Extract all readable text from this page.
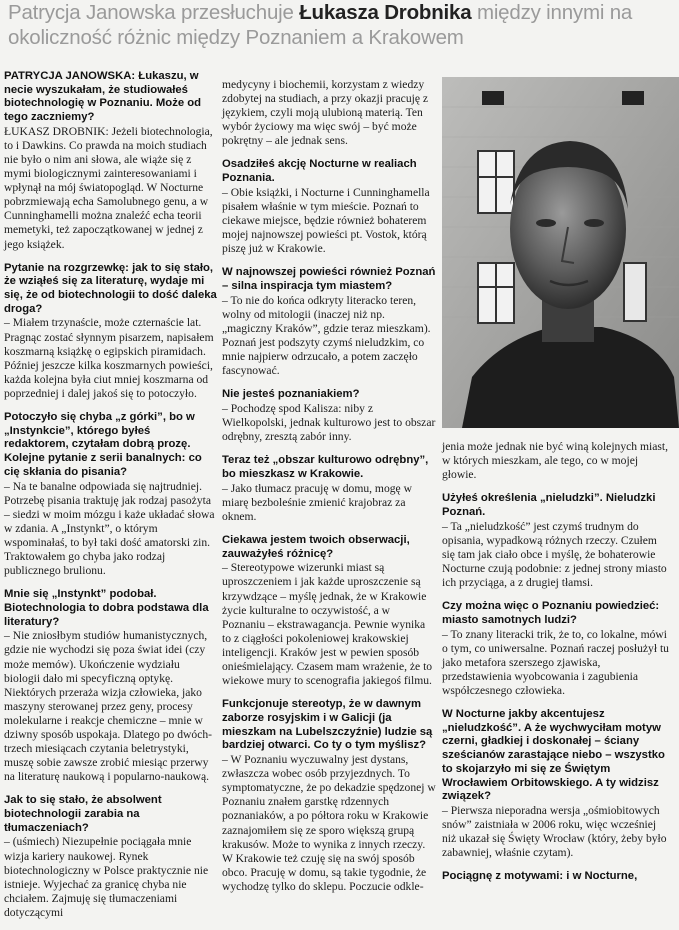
Patrycja Janowska przesłuchuje Łukasza Drobnika między innymi na okoliczność różnic między Poznaniem a Krakowem

PATRYCJA JANOWSKA: Łukaszu, w necie wyszukałam, że studiowałeś biotechnologię w Poznaniu. Może od tego zaczniemy?

ŁUKASZ DROBNIK: Jeżeli biotechnologia, to i Dawkins. Co prawda na moich studiach nie było o nim ani słowa, ale wiąże się z mymi biologicznymi zainteresowaniami i wpłynął na mój światopogląd. W Nocturne pobrzmiewają echa Samolubnego genu, a w Cunninghamelli można znaleźć echa teorii memetyki, też zapoczątkowanej w jednej z jego książek.

Pytanie na rozgrzewkę: jak to się stało, że wziąłeś się za literaturę, wydaje mi się, że od biotechnologii to dość daleka droga?

– Miałem trzynaście, może czternaście lat. Pragnąc zostać słynnym pisarzem, napisałem koszmarną książkę o egipskich piramidach. Później jeszcze kilka koszmarnych powieści, każda kolejna była ciut mniej koszmarna od poprzedniej i dalej jakoś się to potoczyło.

Potoczyło się chyba „z górki”, bo w „Instynkcie”, którego byłeś redaktorem, czytałam dobrą prozę. Kolejne pytanie z serii banalnych: co cię skłania do pisania?

– Na te banalne odpowiada się najtrudniej. Potrzebę pisania traktuję jak rodzaj pasożyta – siedzi w moim mózgu i każe układać słowa w zdania. A „Instynkt”, o którym wspominałaś, to był taki dość amatorski zin. Traktowałem go chyba jako rodzaj publicznego brulionu.

Mnie się „Instynkt” podobał. Biotechnologia to dobra podstawa dla literatury?

– Nie zniosłbym studiów humanistycznych, gdzie nie wychodzi się poza świat idei (czy może memów). Ukończenie wydziału biologii dało mi specyficzną optykę. Niektórych przeraża wizja człowieka, jako maszyny sterowanej przez geny, procesy molekularne i reakcje chemiczne – mnie w dziwny sposób uspokaja. Dlatego po dwóch-trzech miesiącach czytania beletrystyki, muszę sobie zawsze zrobić miesiąc przerwy na literaturę naukową i popularno-naukową.

Jak to się stało, że absolwent biotechnologii zarabia na tłumaczeniach?

– (uśmiech) Niezupełnie pociągała mnie wizja kariery naukowej. Rynek biotechnologiczny w Polsce praktycznie nie istnieje. Wyjechać za granicę chyba nie chciałem. Zajmuję się tłumaczeniami dotyczącymi

medycyny i biochemii, korzystam z wiedzy zdobytej na studiach, a przy okazji pracuję z językiem, czyli moją ulubioną materią. Ten wybór życiowy ma więc swój – być może pokrętny – ale jednak sens.

Osadziłeś akcję Nocturne w realiach Poznania.

– Obie książki, i Nocturne i Cunninghamella pisałem właśnie w tym mieście. Poznań to ciekawe miejsce, będzie również bohaterem mojej najnowszej powieści pt. Vostok, którą piszę już w Krakowie.

W najnowszej powieści również Poznań – silna inspiracja tym miastem?

– To nie do końca odkryty literacko teren, wolny od mitologii (inaczej niż np. „magiczny Kraków”, gdzie teraz mieszkam). Poznań jest podszyty czymś nieludzkim, co mnie najpierw odrzucało, a potem zaczęło fascynować.

Nie jesteś poznaniakiem?

– Pochodzę spod Kalisza: niby z Wielkopolski, jednak kulturowo jest to obszar odrębny, zresztą zabór inny.

Teraz też „obszar kulturowo odrębny”, bo mieszkasz w Krakowie.

– Jako tłumacz pracuję w domu, mogę w miarę bezboleśnie zmienić krajobraz za oknem.

Ciekawa jestem twoich obserwacji, zauważyłeś różnicę?

– Stereotypowe wizerunki miast są uproszczeniem i jak każde uproszczenie są krzywdzące – myślę jednak, że w Krakowie życie kulturalne to oczywistość, a w Poznaniu – ekstrawagancja. Pewnie wynika to z ciągłości pokoleniowej krakowskiej inteligencji. Kraków jest w pewien sposób onieśmielający. Czasem mam wrażenie, że to wiekowe mury to scenografia jakiegoś filmu.

Funkcjonuje stereotyp, że w dawnym zaborze rosyjskim i w Galicji (ja mieszkam na Lubelszczyźnie) ludzie są bardziej otwarci. Co ty o tym myślisz?

– W Poznaniu wyczuwalny jest dystans, zwłaszcza wobec osób przyjezdnych. To symptomatyczne, że po dekadzie spędzonej w Poznaniu znałem garstkę rdzennych poznaniaków, a po półtora roku w Krakowie zaznajomiłem się ze sporo większą grupą krakusów. Może to wynika z innych rzeczy. W Krakowie też czuję się na swój sposób obco. Pracuję w domu, są takie tygodnie, że wychodzę tylko do sklepu. Poczucie odkle-

jenia może jednak nie być winą kolejnych miast, w których mieszkam, ale tego, co w mojej głowie.

Użyłeś określenia „nieludzki”. Nieludzki Poznań.

– Ta „nieludzkość” jest czymś trudnym do opisania, wypadkową różnych rzeczy. Czułem się tam jak ciało obce i myślę, że bohaterowie Nocturne czują podobnie: z jednej strony miasto ich przyciąga, a z drugiej tłamsi.

Czy można więc o Poznaniu powiedzieć: miasto samotnych ludzi?

– To znany literacki trik, że to, co lokalne, mówi o tym, co uniwersalne. Poznań raczej posłużył tu jako metafora szerszego zjawiska, przedstawienia wyobcowania i zagubienia współczesnego człowieka.

W Nocturne jakby akcentujesz „nieludzkość”. A że wychwyciłam motyw czerni, gładkiej i doskonałej – ściany sześcianów zarastające niebo – wszystko to skojarzyło mi się ze Świętym Wrocławiem Orbitowskiego. A ty widzisz związek?

– Pierwsza nieporadna wersja „ośmiobitowych snów” zaistniała w 2006 roku, więc wcześniej niż ukazał się Święty Wrocław (który, żeby było zabawniej, właśnie czytam).

Pociągnę z motywami: i w Nocturne,
